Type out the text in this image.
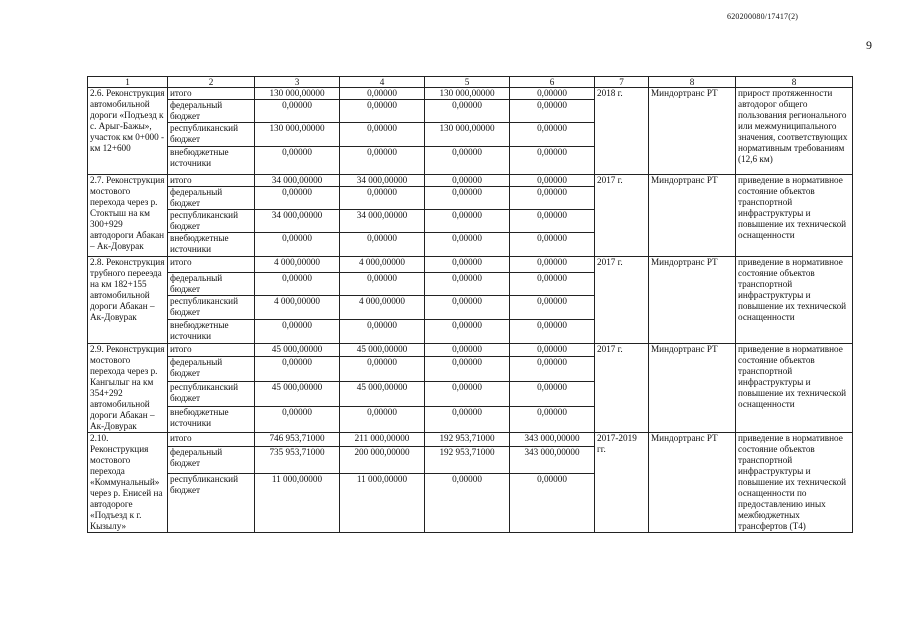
620200080/17417(2)
9
1	2	3	4	5	6	7	8	8
2.6. Реконструкция автомобильной дороги «Подъезд к с. Арыг-Бажы», участок км 0+000 - км 12+600	итого	130 000,00000	0,00000	130 000,00000	0,00000	2018 г.	Миндортранс РТ	прирост протяженности автодорог общего пользования регионального или межмуниципального значения, соответствующих нормативным требованиям (12,6 км)
	федеральный бюджет	0,00000	0,00000	0,00000	0,00000			
	республиканский бюджет	130 000,00000	0,00000	130 000,00000	0,00000			
	внебюджетные источники	0,00000	0,00000	0,00000	0,00000			
2.7. Реконструкция мостового перехода через р. Стоктыш на км 300+929 автодороги Абакан – Ак-Довурак	итого	34 000,00000	34 000,00000	0,00000	0,00000	2017 г.	Миндортранс РТ	приведение в нормативное состояние объектов транспортной инфраструктуры и повышение их технической оснащенности
	федеральный бюджет	0,00000	0,00000	0,00000	0,00000			
	республиканский бюджет	34 000,00000	34 000,00000	0,00000	0,00000			
	внебюджетные источники	0,00000	0,00000	0,00000	0,00000			
2.8. Реконструкция трубного перееэда на км 182+155 автомобильной дороги Абакан –Ак-Довурак	итого	4 000,00000	4 000,00000	0,00000	0,00000	2017 г.	Миндортранс РТ	приведение в нормативное состояние объектов транспортной инфраструктуры и повышение их технической оснащенности
	федеральный бюджет	0,00000	0,00000	0,00000	0,00000			
	республиканский бюджет	4 000,00000	4 000,00000	0,00000	0,00000			
	внебюджетные источники	0,00000	0,00000	0,00000	0,00000			
2.9. Реконструкция мостового перехода через р. Кангылыг на км 354+292 автомобильной дороги Абакан – Ак-Довурак	итого	45 000,00000	45 000,00000	0,00000	0,00000	2017 г.	Миндортранс РТ	приведение в нормативное состояние объектов транспортной инфраструктуры и повышение их технической оснащенности
	федеральный бюджет	0,00000	0,00000	0,00000	0,00000			
	республиканский бюджет	45 000,00000	45 000,00000	0,00000	0,00000			
	внебюджетные источники	0,00000	0,00000	0,00000	0,00000			
2.10. Реконструкция мостового перехода «Коммунальный» через р. Енисей на автодороге «Подъезд к г. Кызылу»	итого	746 953,71000	211 000,00000	192 953,71000	343 000,00000	2017-2019 гг.	Миндортранс РТ	приведение в нормативное состояние объектов транспортной инфраструктуры и повышение их технической оснащенности по предоставлению иных межбюджетных трансфертов (Т4)
	федеральный бюджет	735 953,71000	200 000,00000	192 953,71000	343 000,00000			
	республиканский бюджет	11 000,00000	11 000,00000	0,00000	0,00000			
